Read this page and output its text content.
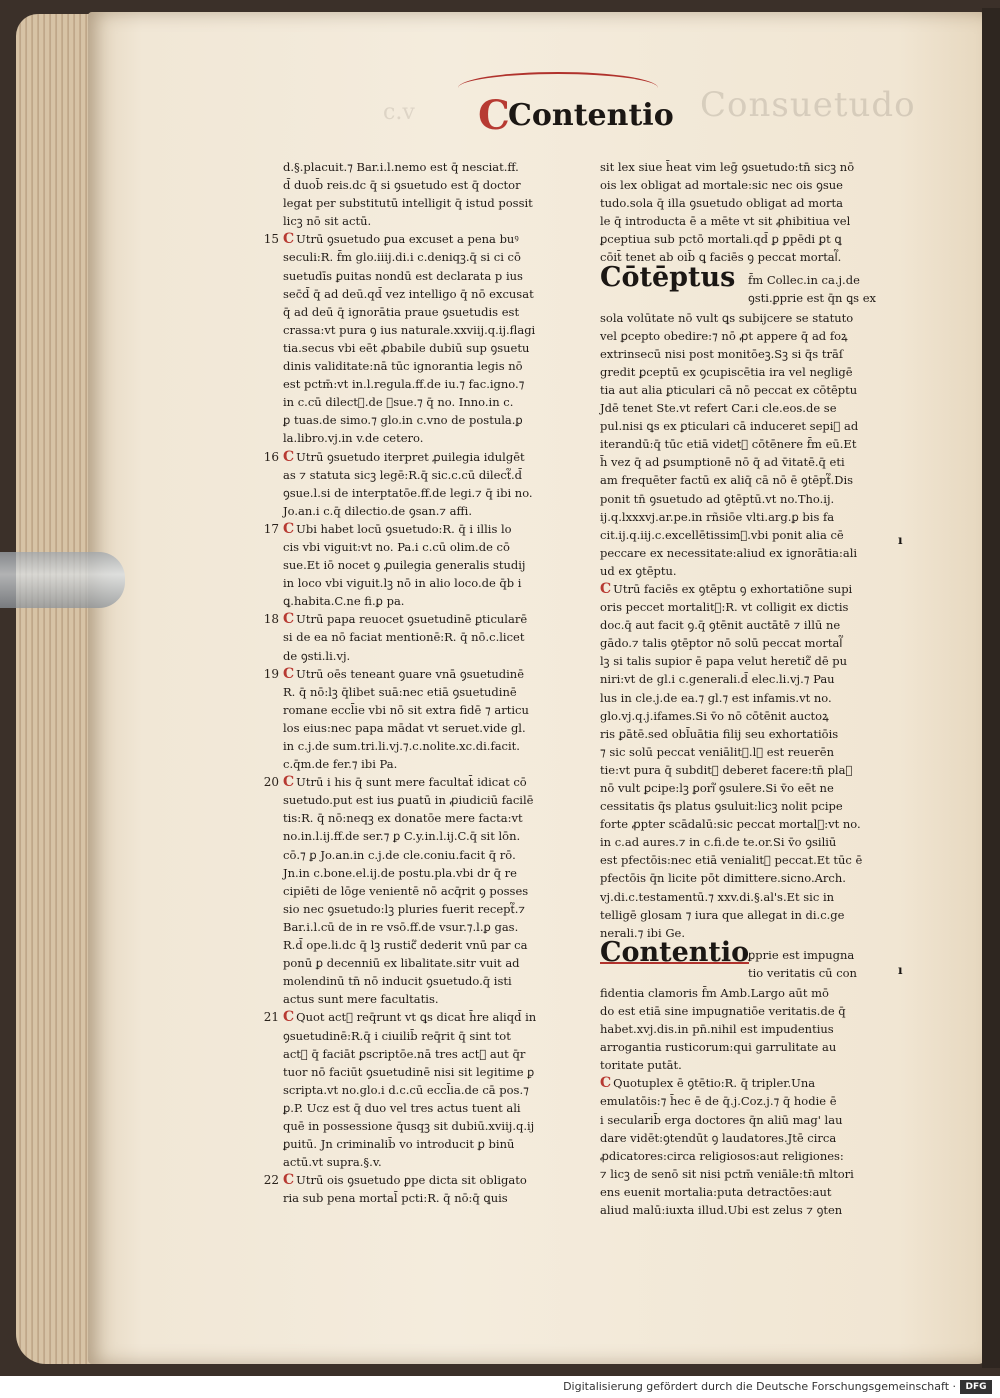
Consuetudo
c.v C
Contentio
d.§.placuit.⁊ Bar.i.l.nemo est q̄ nesciat.ff.
d̄ duob̄ reis.dc q̄ si ꝯsuetudo est q̄ doctor
legat per substitutū intelligit q̄ istud possit
licꝫ nō sit actū.
15 C Utrū ꝯsuetudo ꝑua excuset a pena buꝰ
seculi:R. f̄m glo.iiij.di.i c.deniqꝫ.q̄ si ci cō
suetudīs ꝑuitas nondū est declarata p ius
sec̄d̄ q̄ ad deū.qd̄ vez intelligo q̄ nō excusat
q̄ ad deū q̄ ignorātia praue ꝯsuetudis est
crassa:vt pura ꝯ ius naturale.xxviij.q.ij.flagi
tia.secus vbi eēt ꝓbabile dubiū sup ꝯsuetu
dinis validitate:nā tūc ignorantia legis nō
est pctm̄:vt in.l.regula.ff.de iu.⁊ fac.igno.⁊
in c.cū dilect᷑.de ꝯsue.⁊ q̄ no. Inno.in c.
ꝑ tuas.de simo.⁊ glo.in c.vno de postula.ꝑ
la.libro.vj.in v.de cetero.
16 C Utrū ꝯsuetudo iterpret ꝓuilegia idulgēt
as ⁊ statuta sicꝫ legē:R.q̄ sic.c.cū dilect᷑.d̄
ꝯsue.l.si de interptatōe.ff.de legi.⁊ q̄ ibi no.
Jo.an.i c.q̄ dilectio.de ꝯsan.⁊ affi.
17 C Ubi habet locū ꝯsuetudo:R. q̄ i illis lo
cis vbi viguit:vt no. Pa.i c.cū olim.de cō
sue.Et iō nocet ꝯ ꝓuilegia generalis studij
in loco vbi viguit.lꝫ nō in alio loco.de q̄b i
ꝗ.habita.C.ne fi.ꝑ pa.
18 C Utrū papa reuocet ꝯsuetudinē ꝑticularē
si de ea nō faciat mentionē:R. q̄ nō.c.licet
de ꝯsti.li.vj.
19 C Utrū oēs teneant ꝯuare vnā ꝯsuetudinē
R. q̄ nō:lꝫ q̄libet suā:nec etiā ꝯsuetudinē
romane eccl̄ie vbi nō sit extra fidē ⁊ articu
los eius:nec papa mādat vt seruet.vide gl.
in c.j.de sum.tri.li.vj.⁊.c.nolite.xc.di.facit.
c.q̄m.de fer.⁊ ibi Pa.
20 C Utrū i his q̄ sunt mere facultat̄ idicat cō
suetudo.put est ius ꝑuatū in ꝓiudiciū facilē
tis:R. q̄ nō:neqꝫ ex donatōe mere facta:vt
no.in.l.ij.ff.de ser.⁊ ꝑ C.y.in.l.ij.C.q̄ sit lōn.
cō.⁊ ꝑ Jo.an.in c.j.de cle.coniu.facit q̄ rō.
Jn.in c.bone.el.ij.de postu.pla.vbi dr q̄ re
cipiēti de lōge venientē nō acq̄rit ꝯ posses
sio nec ꝯsuetudo:lꝫ pluries fuerit recept᷑.⁊
Bar.i.l.cū de in re vsō.ff.de vsur.⁊.l.ꝑ gas.
R.d̄ ope.li.dc q̄ lꝫ rustic᷑ dederit vnū par ca
ponū ꝑ decenniū ex libalitate.sitr vuit ad
molendinū tn̄ nō inducit ꝯsuetudo.q̄ isti
actus sunt mere facultatis.
21 C Quot act᷑ req̄runt vt ꝗs dicat h̄re aliqd̄ in
ꝯsuetudinē:R.q̄ i ciuilib̄ req̄rit q̄ sint tot
act᷑ q̄ faciāt ꝑscriptōe.nā tres act᷑ aut q̄r
tuor nō faciūt ꝯsuetudinē nisi sit legitime ꝑ
scripta.vt no.glo.i d.c.cū eccl̄ia.de cā pos.⁊
ꝑ.P. Ucz est q̄ duo vel tres actus tuent ali
quē in possessione q̄usqꝫ sit dubiū.xviij.q.ij
ꝑuitū. Jn criminalib̄ vo introducit ꝑ binū
actū.vt supra.§.v.
22 C Utrū ois ꝯsuetudo ꝑpe dicta sit obligato
ria sub pena mortal̄ pcti:R. q̄ nō:q̄ ꝗuis
sit lex siue h̄eat vim leḡ ꝯsuetudo:tn̄ sicꝫ nō
ois lex obligat ad mortale:sic nec ois ꝯsue
tudo.sola q̄ illa ꝯsuetudo obligat ad morta
le q̄ introducta ē a mēte vt sit ꝓhibitiua vel
ꝑceptiua sub pctō mortali.qd̄ ꝑ ꝑpēdi ꝑt ꝗ
cōit̄ tenet ab oib̄ ꝗ faciēs ꝯ peccat mortal᷑.
Cōtēptus f̄m Collec.in ca.j.de
ꝯsti.ꝑprie est q̄n ꝗs ex
sola volūtate nō vult ꝗs subijcere se statuto
vel ꝑcepto obedire:⁊ nō ꝓt appere q̄ ad foꝝ
extrinsecū nisi post monitōeꝫ.Sꝫ si q̄s trāſ
gredit ꝑceptū ex ꝯcupiscētia ira vel negligē
tia aut alia ꝑticulari cā nō peccat ex cōtēptu
Jdē tenet Ste.vt refert Car.i cle.eos.de se
pul.nisi ꝗs ex ꝑticulari cā induceret sepi᷑ ad
iterandū:q̄ tūc etiā videt᷑ cōtēnere f̄m eū.Et
h̄ vez q̄ ad ꝑsumptionē nō q̄ ad v̄itatē.q̄ eti
am frequēter factū ex aliq̄ cā nō ē ꝯtēpt᷑.Dis
ponit tn̄ ꝯsuetudo ad ꝯtēptū.vt no.Tho.ij.
ij.q.lxxxvj.ar.pe.in rñsiōe vlti.arg.ꝑ bis fa
cit.ij.q.iij.c.excellētissim᷑.vbi ponit alia cē
peccare ex necessitate:aliud ex ignorātia:ali
ud ex ꝯtēptu.
C Utrū faciēs ex ꝯtēptu ꝯ exhortatiōne supi
oris peccet mortalit᷑:R. vt colligit ex dictis
doc.q̄ aut facit ꝯ.q̄ ꝯtēnit auctātē ⁊ illū ne
gādo.⁊ talis ꝯtēptor nō solū peccat mortal᷑
lꝫ si talis supior ē papa velut heretic᷑ dē pu
niri:vt de gl.i c.generali.d̄ elec.li.vj.⁊ Pau
lus in cle.j.de ea.⁊ gl.⁊ est infamis.vt no.
glo.vj.q.j.ifames.Si v̄o nō cōtēnit auctoꝝ
ris ꝑātē.sed obl̄uātia filij seu exhortatiōis
⁊ sic solū peccat veniālit᷑.lꝫ est reuerēn
tie:vt pura q̄ subdit᷑ deberet facere:tn̄ plaꝫ
nō vult ꝑcipe:lꝫ ꝑori᷑ ꝯsulere.Si v̄o eēt ne
cessitatis q̄s platus ꝯsuluit:licꝫ nolit pcipe
forte ꝓpter scādalū:sic peccat mortal᷑:vt no.
in c.ad aures.⁊ in c.fi.de te.or.Si v̄o ꝯsiliū
est pfectōis:nec etiā venialit᷑ peccat.Et tūc ē
pfectōis q̄n licite pōt dimittere.sicno.Arch.
vj.di.c.testamentū.⁊ xxv.di.§.al's.Et sic in
telligē glosam ⁊ iura que allegat in di.c.ge
nerali.⁊ ibi Ge.
Contentio
ꝑprie est impugna
tio veritatis cū con
fidentia clamoris f̄m Amb.Largo aūt mō
do est etiā sine impugnatiōe veritatis.de q̄
habet.xvj.dis.in pn̄.nihil est impudentius
arrogantia rusticorum:qui garrulitate au
toritate putāt.
C Quotuplex ē ꝯtētio:R. q̄ tripler.Una
emulatōis:⁊ h̄ec ē de q̄.j.Coz.j.⁊ q̄ hodie ē
i secularib̄ erga doctores q̄n aliū mag' lau
dare vidēt:ꝯtendūt ꝯ laudatores.Jtē circa
ꝓdicatores:circa religiosos:aut religiones:
⁊ licꝫ de senō sit nisi pctm̄ veniāle:tn̄ mltori
ens euenit mortalia:puta detractōes:aut
aliud malū:iuxta illud.Ubi est zelus ⁊ ꝯten
ı
ı
Digitalisierung gefördert durch die Deutsche Forschungsgemeinschaft ·	DFG
